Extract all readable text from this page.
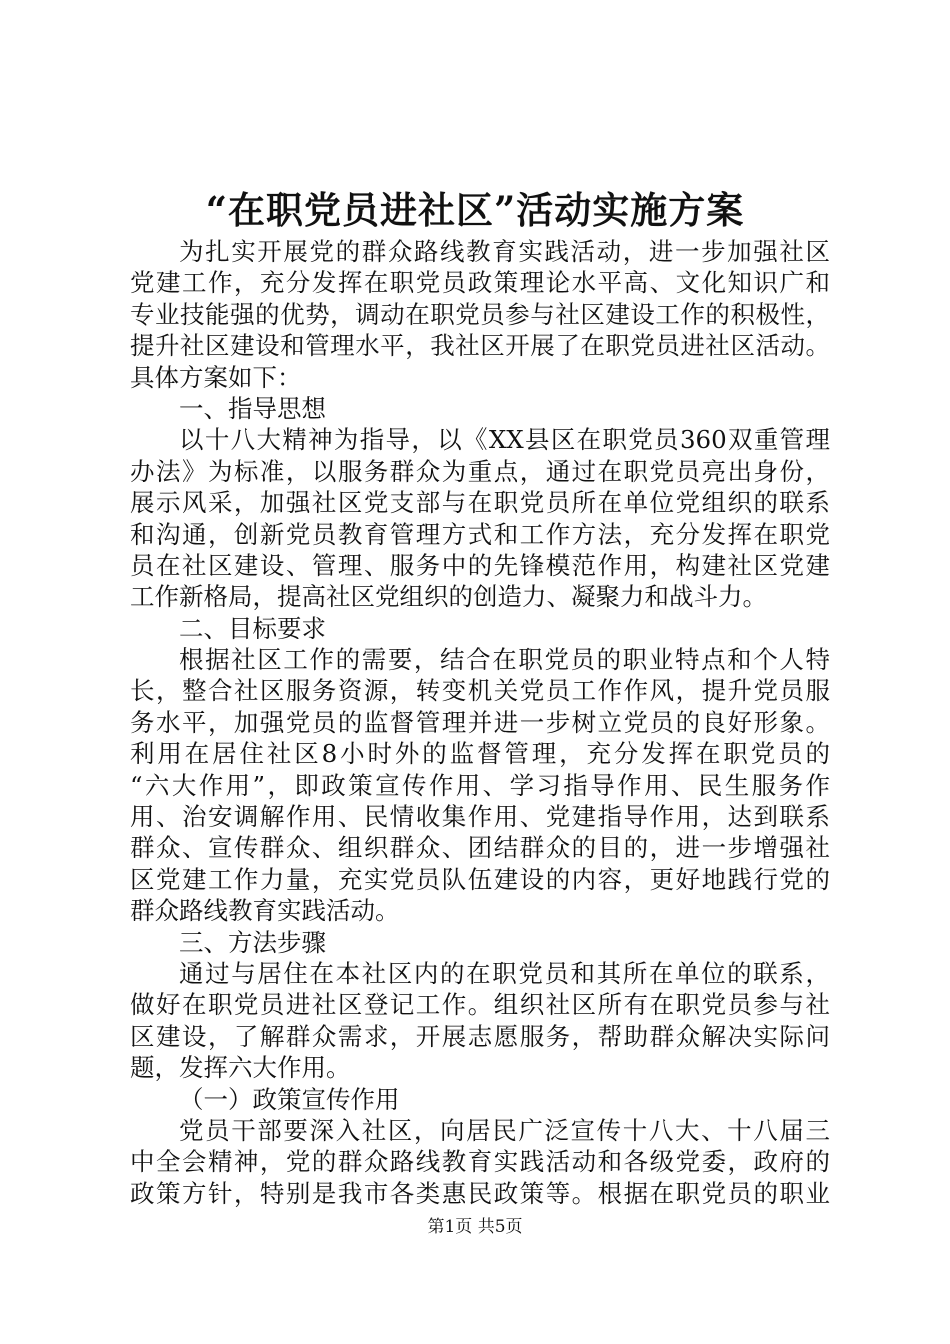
“在职党员进社区”活动实施方案
为扎实开展党的群众路线教育实践活动，进一步加强社区
党建工作，充分发挥在职党员政策理论水平高、文化知识广和
专业技能强的优势，调动在职党员参与社区建设工作的积极性，
提升社区建设和管理水平，我社区开展了在职党员进社区活动。
具体方案如下：
一、指导思想
以十八大精神为指导，以《XX县区在职党员360双重管理
办法》为标准，以服务群众为重点，通过在职党员亮出身份，
展示风采，加强社区党支部与在职党员所在单位党组织的联系
和沟通，创新党员教育管理方式和工作方法，充分发挥在职党
员在社区建设、管理、服务中的先锋模范作用，构建社区党建
工作新格局，提高社区党组织的创造力、凝聚力和战斗力。
二、目标要求
根据社区工作的需要，结合在职党员的职业特点和个人特
长，整合社区服务资源，转变机关党员工作作风，提升党员服
务水平，加强党员的监督管理并进一步树立党员的良好形象。
利用在居住社区8小时外的监督管理，充分发挥在职党员的
“六大作用”，即政策宣传作用、学习指导作用、民生服务作
用、治安调解作用、民情收集作用、党建指导作用，达到联系
群众、宣传群众、组织群众、团结群众的目的，进一步增强社
区党建工作力量，充实党员队伍建设的内容，更好地践行党的
群众路线教育实践活动。
三、方法步骤
通过与居住在本社区内的在职党员和其所在单位的联系，
做好在职党员进社区登记工作。组织社区所有在职党员参与社
区建设，了解群众需求，开展志愿服务，帮助群众解决实际问
题，发挥六大作用。
（一）政策宣传作用
党员干部要深入社区，向居民广泛宣传十八大、十八届三
中全会精神，党的群众路线教育实践活动和各级党委，政府的
政策方针，特别是我市各类惠民政策等。根据在职党员的职业
第1页 共5页
